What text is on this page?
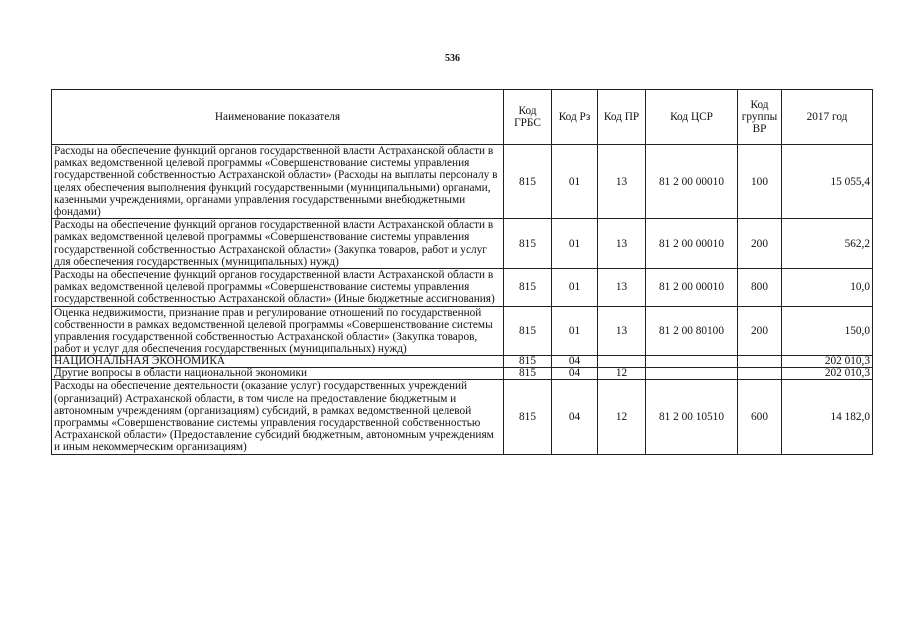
536
Наименование показателя	Код ГРБС	Код Рз	Код ПР	Код ЦСР	Код группы ВР	2017 год
Расходы на обеспечение функций органов государственной власти Астраханской области в рамках ведомственной целевой программы «Совершенствование системы управления государственной собственностью Астраханской области» (Расходы на выплаты персоналу в целях обеспечения выполнения функций государственными (муниципальными) органами, казенными учреждениями, органами управления государственными внебюджетными фондами)	815	01	13	81 2 00 00010	100	15 055,4
Расходы на обеспечение функций органов государственной власти Астраханской области в рамках ведомственной целевой программы «Совершенствование системы управления государственной собственностью Астраханской области» (Закупка товаров, работ и услуг для обеспечения государственных (муниципальных) нужд)	815	01	13	81 2 00 00010	200	562,2
Расходы на обеспечение функций органов государственной власти Астраханской области в рамках ведомственной целевой программы «Совершенствование системы управления государственной собственностью Астраханской области» (Иные бюджетные ассигнования)	815	01	13	81 2 00 00010	800	10,0
Оценка недвижимости, признание прав и регулирование отношений по государственной собственности в рамках ведомственной целевой программы «Совершенствование системы управления государственной собственностью Астраханской области» (Закупка товаров, работ и услуг для обеспечения государственных (муниципальных) нужд)	815	01	13	81 2 00 80100	200	150,0
НАЦИОНАЛЬНАЯ ЭКОНОМИКА	815	04				202 010,3
Другие вопросы в области национальной экономики	815	04	12			202 010,3
Расходы на обеспечение деятельности (оказание услуг) государственных учреждений (организаций) Астраханской области, в том числе на предоставление бюджетным и автономным учреждениям (организациям) субсидий, в рамках ведомственной целевой программы «Совершенствование системы управления государственной собственностью Астраханской области» (Предоставление субсидий бюджетным, автономным учреждениям и иным некоммерческим организациям)	815	04	12	81 2 00 10510	600	14 182,0
